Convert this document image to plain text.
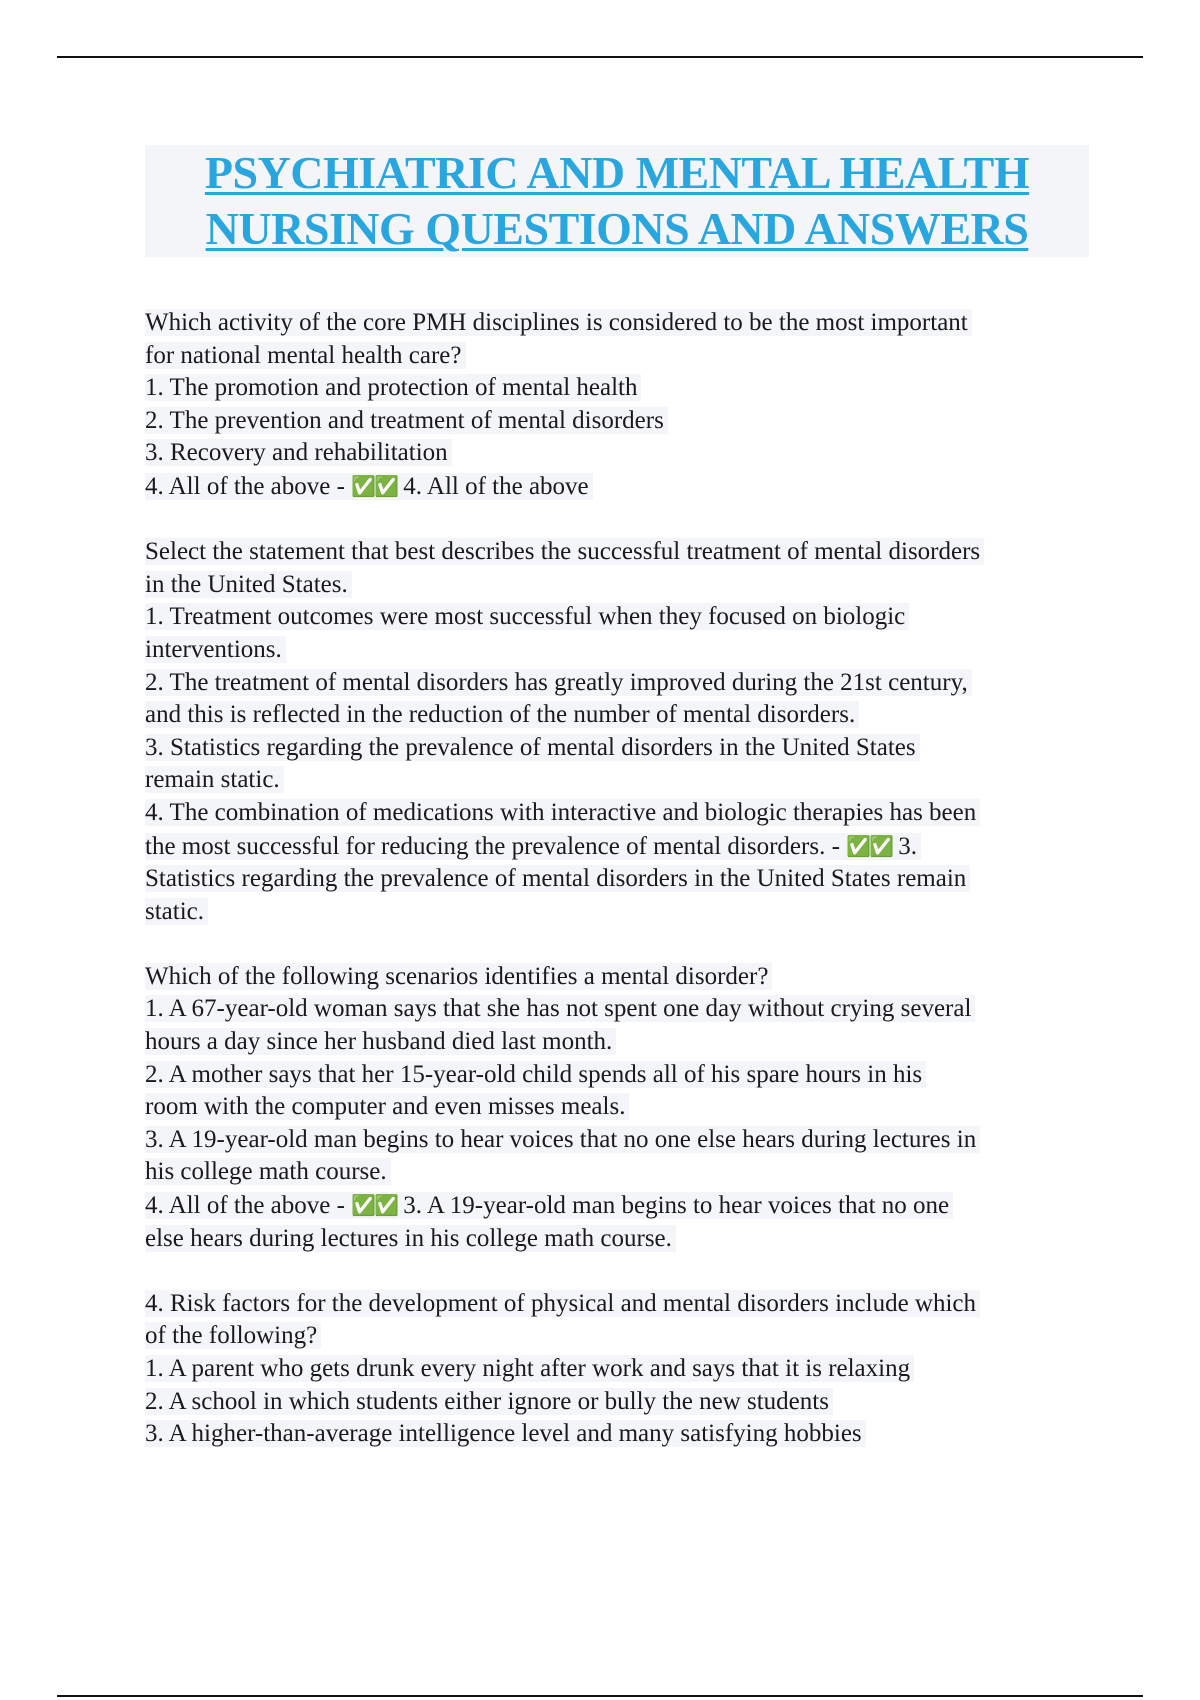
PSYCHIATRIC AND MENTAL HEALTH
NURSING QUESTIONS AND ANSWERS
Which activity of the core PMH disciplines is considered to be the most important
for national mental health care?
1. The promotion and protection of mental health
2. The prevention and treatment of mental disorders
3. Recovery and rehabilitation
4. All of the above - ✅✅ 4. All of the above
Select the statement that best describes the successful treatment of mental disorders
in the United States.
1. Treatment outcomes were most successful when they focused on biologic
interventions.
2. The treatment of mental disorders has greatly improved during the 21st century,
and this is reflected in the reduction of the number of mental disorders.
3. Statistics regarding the prevalence of mental disorders in the United States
remain static.
4. The combination of medications with interactive and biologic therapies has been
the most successful for reducing the prevalence of mental disorders. - ✅✅ 3.
Statistics regarding the prevalence of mental disorders in the United States remain
static.
Which of the following scenarios identifies a mental disorder?
1. A 67-year-old woman says that she has not spent one day without crying several
hours a day since her husband died last month.
2. A mother says that her 15-year-old child spends all of his spare hours in his
room with the computer and even misses meals.
3. A 19-year-old man begins to hear voices that no one else hears during lectures in
his college math course.
4. All of the above - ✅✅ 3. A 19-year-old man begins to hear voices that no one
else hears during lectures in his college math course.
4. Risk factors for the development of physical and mental disorders include which
of the following?
1. A parent who gets drunk every night after work and says that it is relaxing
2. A school in which students either ignore or bully the new students
3. A higher-than-average intelligence level and many satisfying hobbies
